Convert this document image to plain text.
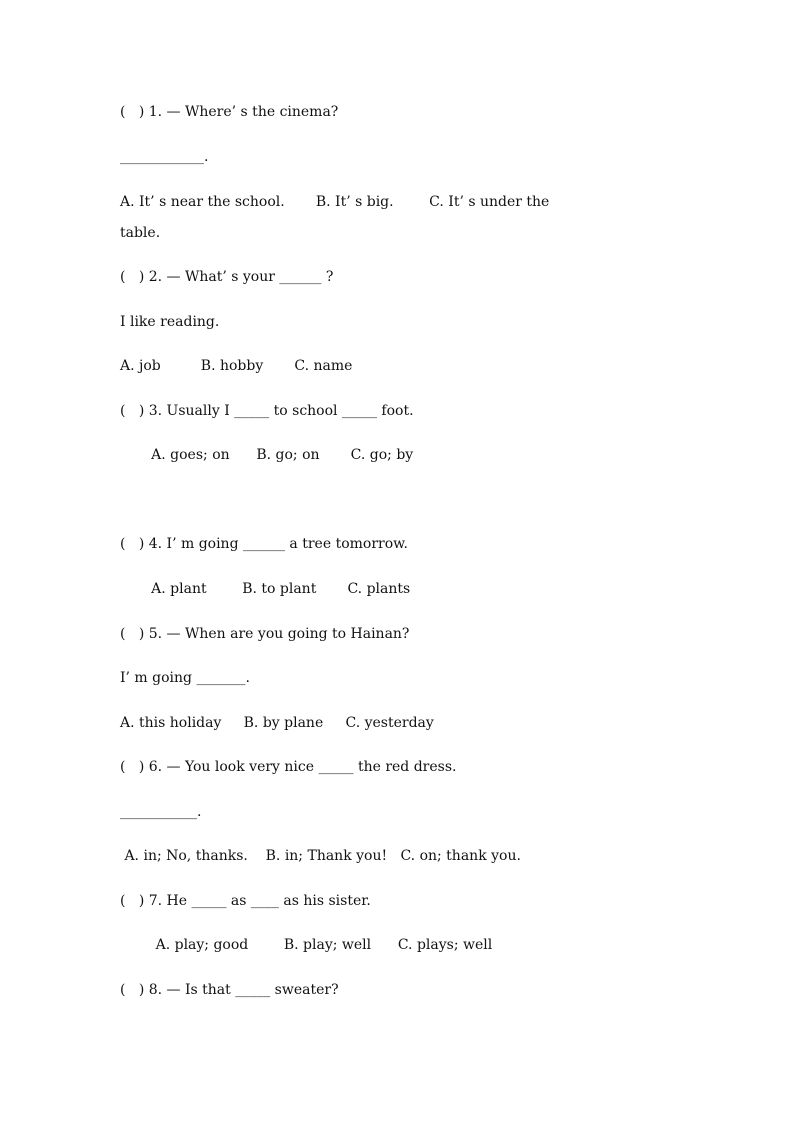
(   ) 1. — Where’ s the cinema?
____________.
A. It’ s near the school.       B. It’ s big.        C. It’ s under the
table.
(   ) 2. — What’ s your ______ ?
I like reading.
A. job         B. hobby       C. name
(   ) 3. Usually I _____ to school _____ foot.
A. goes; on      B. go; on       C. go; by
(   ) 4. I’ m going ______ a tree tomorrow.
A. plant        B. to plant       C. plants
(   ) 5. — When are you going to Hainan?
I’ m going _______.
A. this holiday     B. by plane     C. yesterday
(   ) 6. — You look very nice _____ the red dress.
___________.
A. in; No, thanks.    B. in; Thank you!   C. on; thank you.
(   ) 7. He _____ as ____ as his sister.
A. play; good        B. play; well      C. plays; well
(   ) 8. — Is that _____ sweater?
